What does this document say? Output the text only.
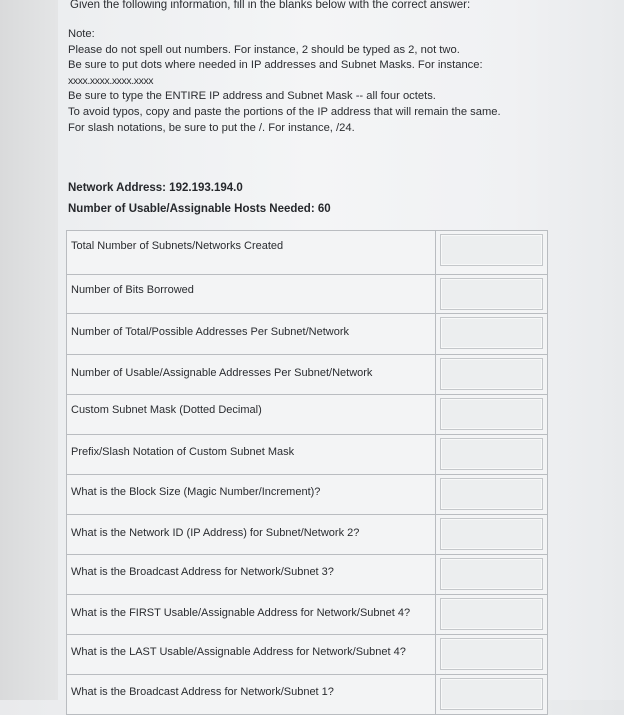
Given the following information, fill in the blanks below with the correct answer:

Note:

Please do not spell out numbers. For instance, 2 should be typed as 2, not two.

Be sure to put dots where needed in IP addresses and Subnet Masks. For instance:

xxxx.xxxx.xxxx.xxxx

Be sure to type the ENTIRE IP address and Subnet Mask -- all four octets.

To avoid typos, copy and paste the portions of the IP address that will remain the same.

For slash notations, be sure to put the /. For instance, /24.

Network Address: 192.193.194.0

Number of Usable/Assignable Hosts Needed: 60

Total Number of Subnets/Networks Created	

Number of Bits Borrowed	

Number of Total/Possible Addresses Per Subnet/Network	

Number of Usable/Assignable Addresses Per Subnet/Network	

Custom Subnet Mask (Dotted Decimal)	

Prefix/Slash Notation of Custom Subnet Mask	

What is the Block Size (Magic Number/Increment)?	

What is the Network ID (IP Address) for Subnet/Network 2?	

What is the Broadcast Address for Network/Subnet 3?	

What is the FIRST Usable/Assignable Address for Network/Subnet 4?	

What is the LAST Usable/Assignable Address for Network/Subnet 4?	

What is the Broadcast Address for Network/Subnet 1?	
